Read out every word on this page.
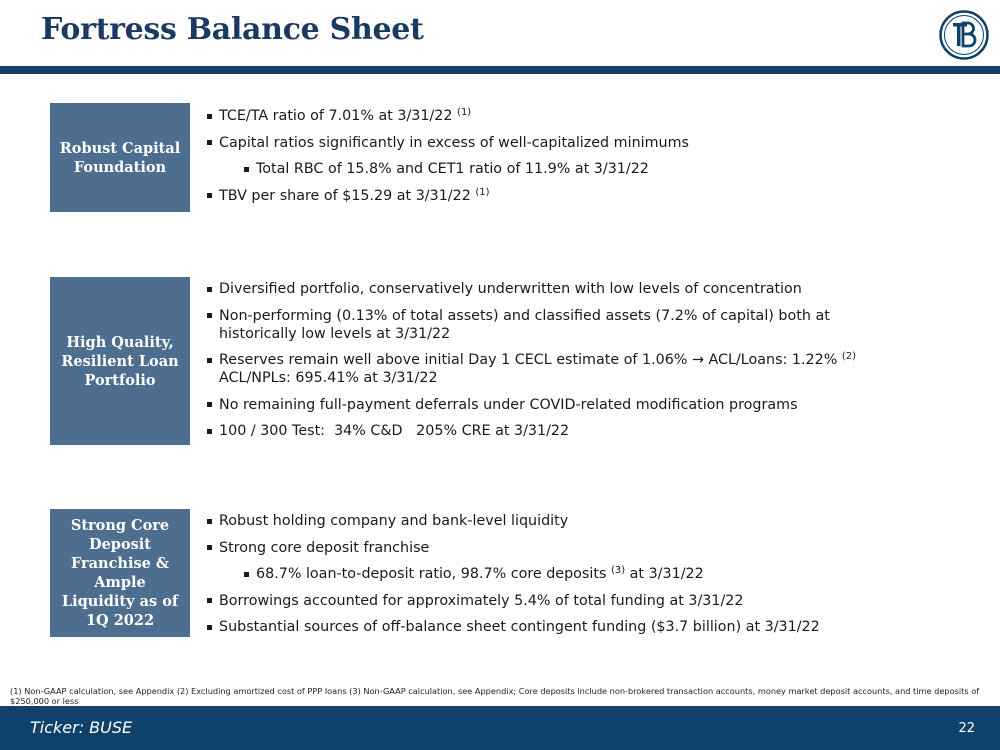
Fortress Balance Sheet
Robust Capital Foundation
TCE/TA ratio of 7.01% at 3/31/22 $^{(1)}$
Capital ratios significantly in excess of well-capitalized minimums
Total RBC of 15.8% and CET1 ratio of 11.9% at 3/31/22
TBV per share of $15.29 at 3/31/22 $^{(1)}$
High Quality, Resilient Loan Portfolio
Diversified portfolio, conservatively underwritten with low levels of concentration
Non-performing (0.13% of total assets) and classified assets (7.2% of capital) both at historically low levels at 3/31/22
Reserves remain well above initial Day 1 CECL estimate of 1.06% → ACL/Loans: 1.22% $^{(2)}$
ACL/NPLs: 695.41% at 3/31/22
No remaining full-payment deferrals under COVID-related modification programs
100 / 300 Test:  34% C&D   205% CRE at 3/31/22
Strong Core Deposit Franchise & Ample Liquidity as of 1Q 2022
Robust holding company and bank-level liquidity
Strong core deposit franchise
68.7% loan-to-deposit ratio, 98.7% core deposits $^{(3)}$ at 3/31/22
Borrowings accounted for approximately 5.4% of total funding at 3/31/22
Substantial sources of off-balance sheet contingent funding ($3.7 billion) at 3/31/22
(1) Non-GAAP calculation, see Appendix (2) Excluding amortized cost of PPP loans (3) Non-GAAP calculation, see Appendix; Core deposits include non-brokered transaction accounts, money market deposit accounts, and time deposits of $250,000 or less
Ticker: BUSE	22
